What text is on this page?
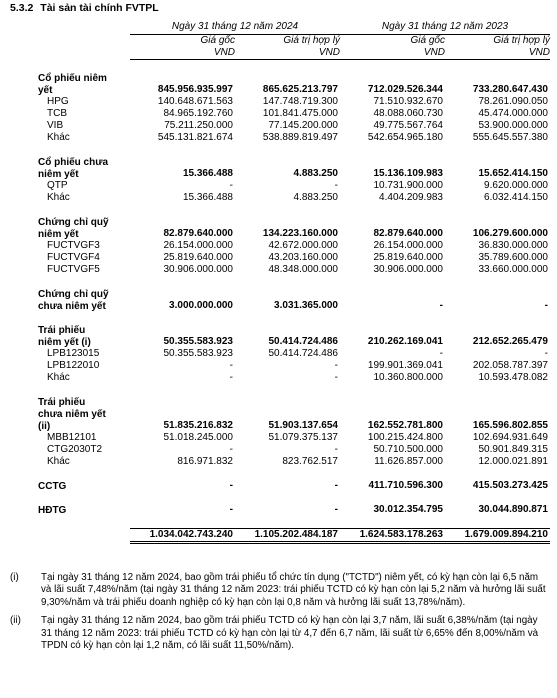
5.3.2 Tài sản tài chính FVTPL
	Ngày 31 tháng 12 năm 2024		Ngày 31 tháng 12 năm 2023	
	Giá gốc	Giá trị hợp lý	Giá gốc	Giá trị hợp lý
	VND	VND	VND	VND

Cổ phiếu niêm				
yết	845.956.935.997	865.625.213.797	712.029.526.344	733.280.647.430
HPG	140.648.671.563	147.748.719.300	71.510.932.670	78.261.090.050
TCB	84.965.192.760	101.841.475.000	48.088.060.730	45.474.000.000
VIB	75.211.250.000	77.145.200.000	49.775.567.764	53.900.000.000
Khác	545.131.821.674	538.889.819.497	542.654.965.180	555.645.557.380

Cổ phiếu chưa				
niêm yết	15.366.488	4.883.250	15.136.109.983	15.652.414.150
QTP	-	-	10.731.900.000	9.620.000.000
Khác	15.366.488	4.883.250	4.404.209.983	6.032.414.150

Chứng chỉ quỹ				
niêm yết	82.879.640.000	134.223.160.000	82.879.640.000	106.279.600.000
FUCTVGF3	26.154.000.000	42.672.000.000	26.154.000.000	36.830.000.000
FUCTVGF4	25.819.640.000	43.203.160.000	25.819.640.000	35.789.600.000
FUCTVGF5	30.906.000.000	48.348.000.000	30.906.000.000	33.660.000.000

Chứng chỉ quỹ				
chưa niêm yết	3.000.000.000	3.031.365.000	-	-

Trái phiếu				
niêm yết (i)	50.355.583.923	50.414.724.486	210.262.169.041	212.652.265.479
LPB123015	50.355.583.923	50.414.724.486	-	-
LPB122010	-	-	199.901.369.041	202.058.787.397
Khác	-	-	10.360.800.000	10.593.478.082

Trái phiếu				
chưa niêm yết				
(ii)	51.835.216.832	51.903.137.654	162.552.781.800	165.596.802.855
MBB12101	51.018.245.000	51.079.375.137	100.215.424.800	102.694.931.649
CTG2030T2	-	-	50.710.500.000	50.901.849.315
Khác	816.971.832	823.762.517	11.626.857.000	12.000.021.891

CCTG	-	-	411.710.596.300	415.503.273.425

HĐTG	-	-	30.012.354.795	30.044.890.871

	1.034.042.743.240	1.105.202.484.187	1.624.583.178.263	1.679.009.894.210
(i)	Tại ngày 31 tháng 12 năm 2024, bao gồm trái phiếu tổ chức tín dụng ("TCTD") niêm yết, có kỳ hạn còn lại 6,5 năm và lãi suất 7,48%/năm (tại ngày 31 tháng 12 năm 2023: trái phiếu TCTD có kỳ hạn còn lại 5,2 năm và hưởng lãi suất 9,30%/năm và trái phiếu doanh nghiệp có kỳ hạn còn lại 0,8 năm và hưởng lãi suất 13,78%/năm).
(ii)	Tại ngày 31 tháng 12 năm 2024, bao gồm trái phiếu TCTD có kỳ hạn còn lại 3,7 năm, lãi suất 6,38%/năm (tại ngày 31 tháng 12 năm 2023: trái phiếu TCTD có kỳ hạn còn lại từ 4,7 đến 6,7 năm, lãi suất từ 6,65% đến 8,00%/năm và TPDN có kỳ hạn còn lại 1,2 năm, có lãi suất 11,50%/năm).
